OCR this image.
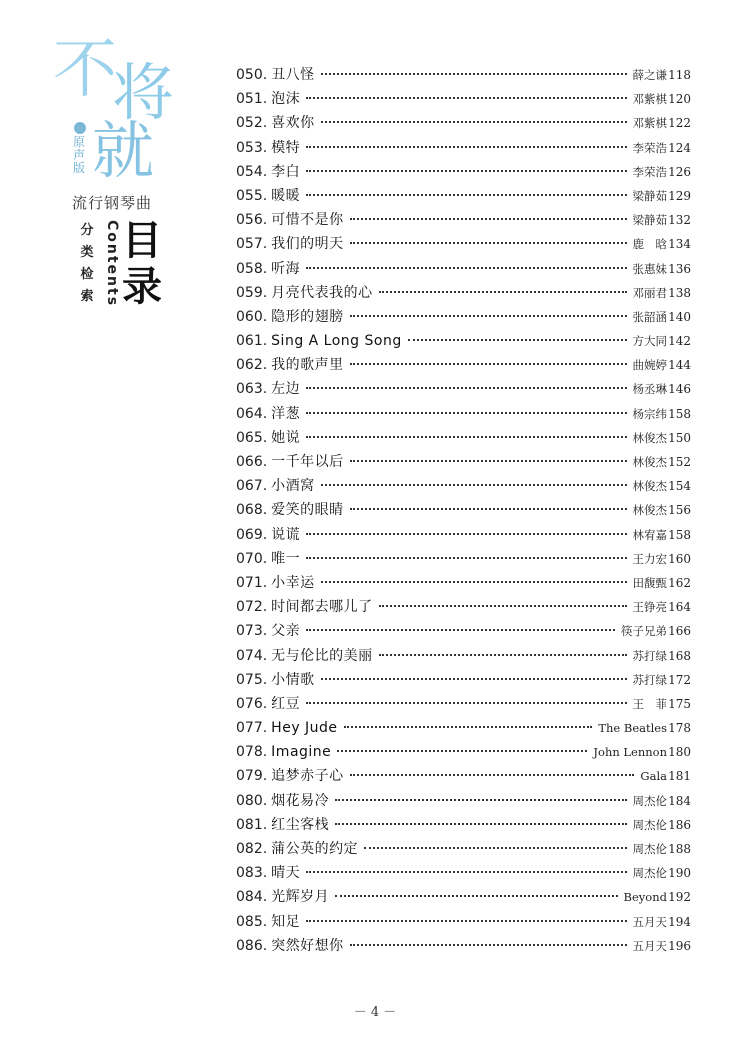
不
将
原声版 就
流行钢琴曲
分类检索 Contents 目
录
050. 丑八怪	薛之谦 118
051. 泡沫	邓紫棋 120
052. 喜欢你	邓紫棋 122
053. 模特	李荣浩 124
054. 李白	李荣浩 126
055. 暖暖	梁静茹 129
056. 可惜不是你	梁静茹 132
057. 我们的明天	鹿　晗 134
058. 听海	张惠妹 136
059. 月亮代表我的心	邓丽君 138
060. 隐形的翅膀	张韶涵 140
061. Sing A Long Song	方大同 142
062. 我的歌声里	曲婉婷 144
063. 左边	杨丞琳 146
064. 洋葱	杨宗纬 158
065. 她说	林俊杰 150
066. 一千年以后	林俊杰 152
067. 小酒窝	林俊杰 154
068. 爱笑的眼睛	林俊杰 156
069. 说谎	林宥嘉 158
070. 唯一	王力宏 160
071. 小幸运	田馥甄 162
072. 时间都去哪儿了	王铮亮 164
073. 父亲	筷子兄弟 166
074. 无与伦比的美丽	苏打绿 168
075. 小情歌	苏打绿 172
076. 红豆	王　菲 175
077. Hey Jude	The Beatles 178
078. Imagine	John Lennon 180
079. 追梦赤子心	Gala 181
080. 烟花易冷	周杰伦 184
081. 红尘客栈	周杰伦 186
082. 蒲公英的约定	周杰伦 188
083. 晴天	周杰伦 190
084. 光辉岁月	Beyond 192
085. 知足	五月天 194
086. 突然好想你	五月天 196
－ 4 －
